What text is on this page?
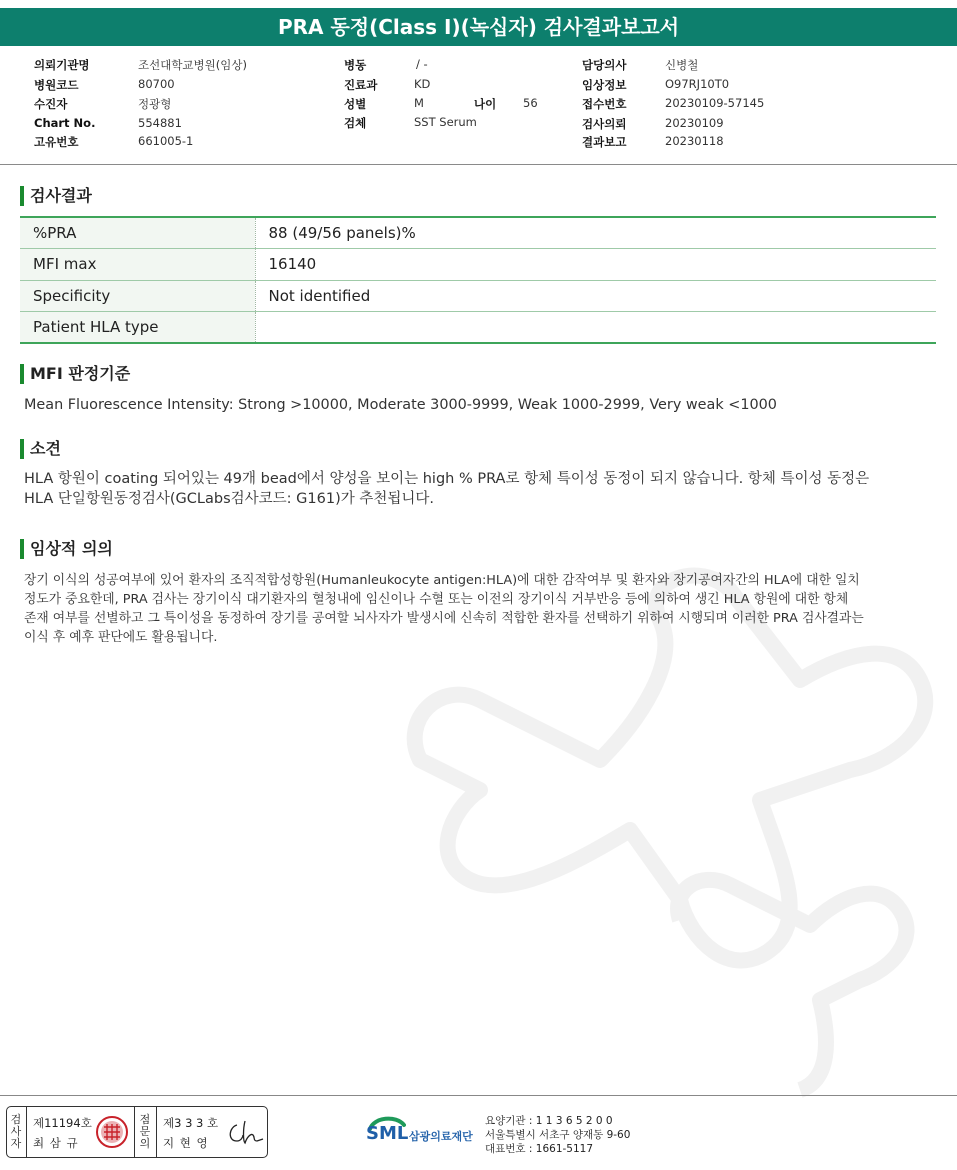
PRA 동정(Class I)(녹십자) 검사결과보고서
의뢰기관명	조선대학교병원(임상)
병원코드	80700
수진자	정광형
Chart No.	554881
고유번호	661005-1
병동	/ -
진료과	KD
성별	M	나이 56
검체	SST Serum
담당의사	신병철
임상정보	O97RJ10T0
접수번호	20230109-57145
검사의뢰	20230109
결과보고	20230118
검사결과
%PRA	88 (49/56 panels)%
MFI max	16140
Specificity	Not identified
Patient HLA type	
MFI 판정기준
Mean Fluorescence Intensity: Strong >10000, Moderate 3000-9999, Weak 1000-2999, Very weak <1000
소견
HLA 항원이 coating 되어있는 49개 bead에서 양성을 보이는 high % PRA로 항체 특이성 동정이 되지 않습니다. 항체 특이성 동정은
HLA 단일항원동정검사(GCLabs검사코드: G161)가 추천됩니다.
임상적 의의
장기 이식의 성공여부에 있어 환자의 조직적합성항원(Humanleukocyte antigen:HLA)에 대한 감작여부 및 환자와 장기공여자간의 HLA에 대한 일치
정도가 중요한데, PRA 검사는 장기이식 대기환자의 혈청내에 임신이나 수혈 또는 이전의 장기이식 거부반응 등에 의하여 생긴 HLA 항원에 대한 항체
존재 여부를 선별하고 그 특이성을 동정하여 장기를 공여할 뇌사자가 발생시에 신속히 적합한 환자를 선택하기 위하여 시행되며 이러한 PRA 검사결과는
이식 후 예후 판단에도 활용됩니다.
검
사
자
제11194호
최 삼 규
점
문
의
제3 3 3 호
지 현 영	SML 삼광의료재단
요양기관 : 1 1 3 6 5 2 0 0
서울특별시 서초구 양재동 9-60
대표번호 : 1661-5117
